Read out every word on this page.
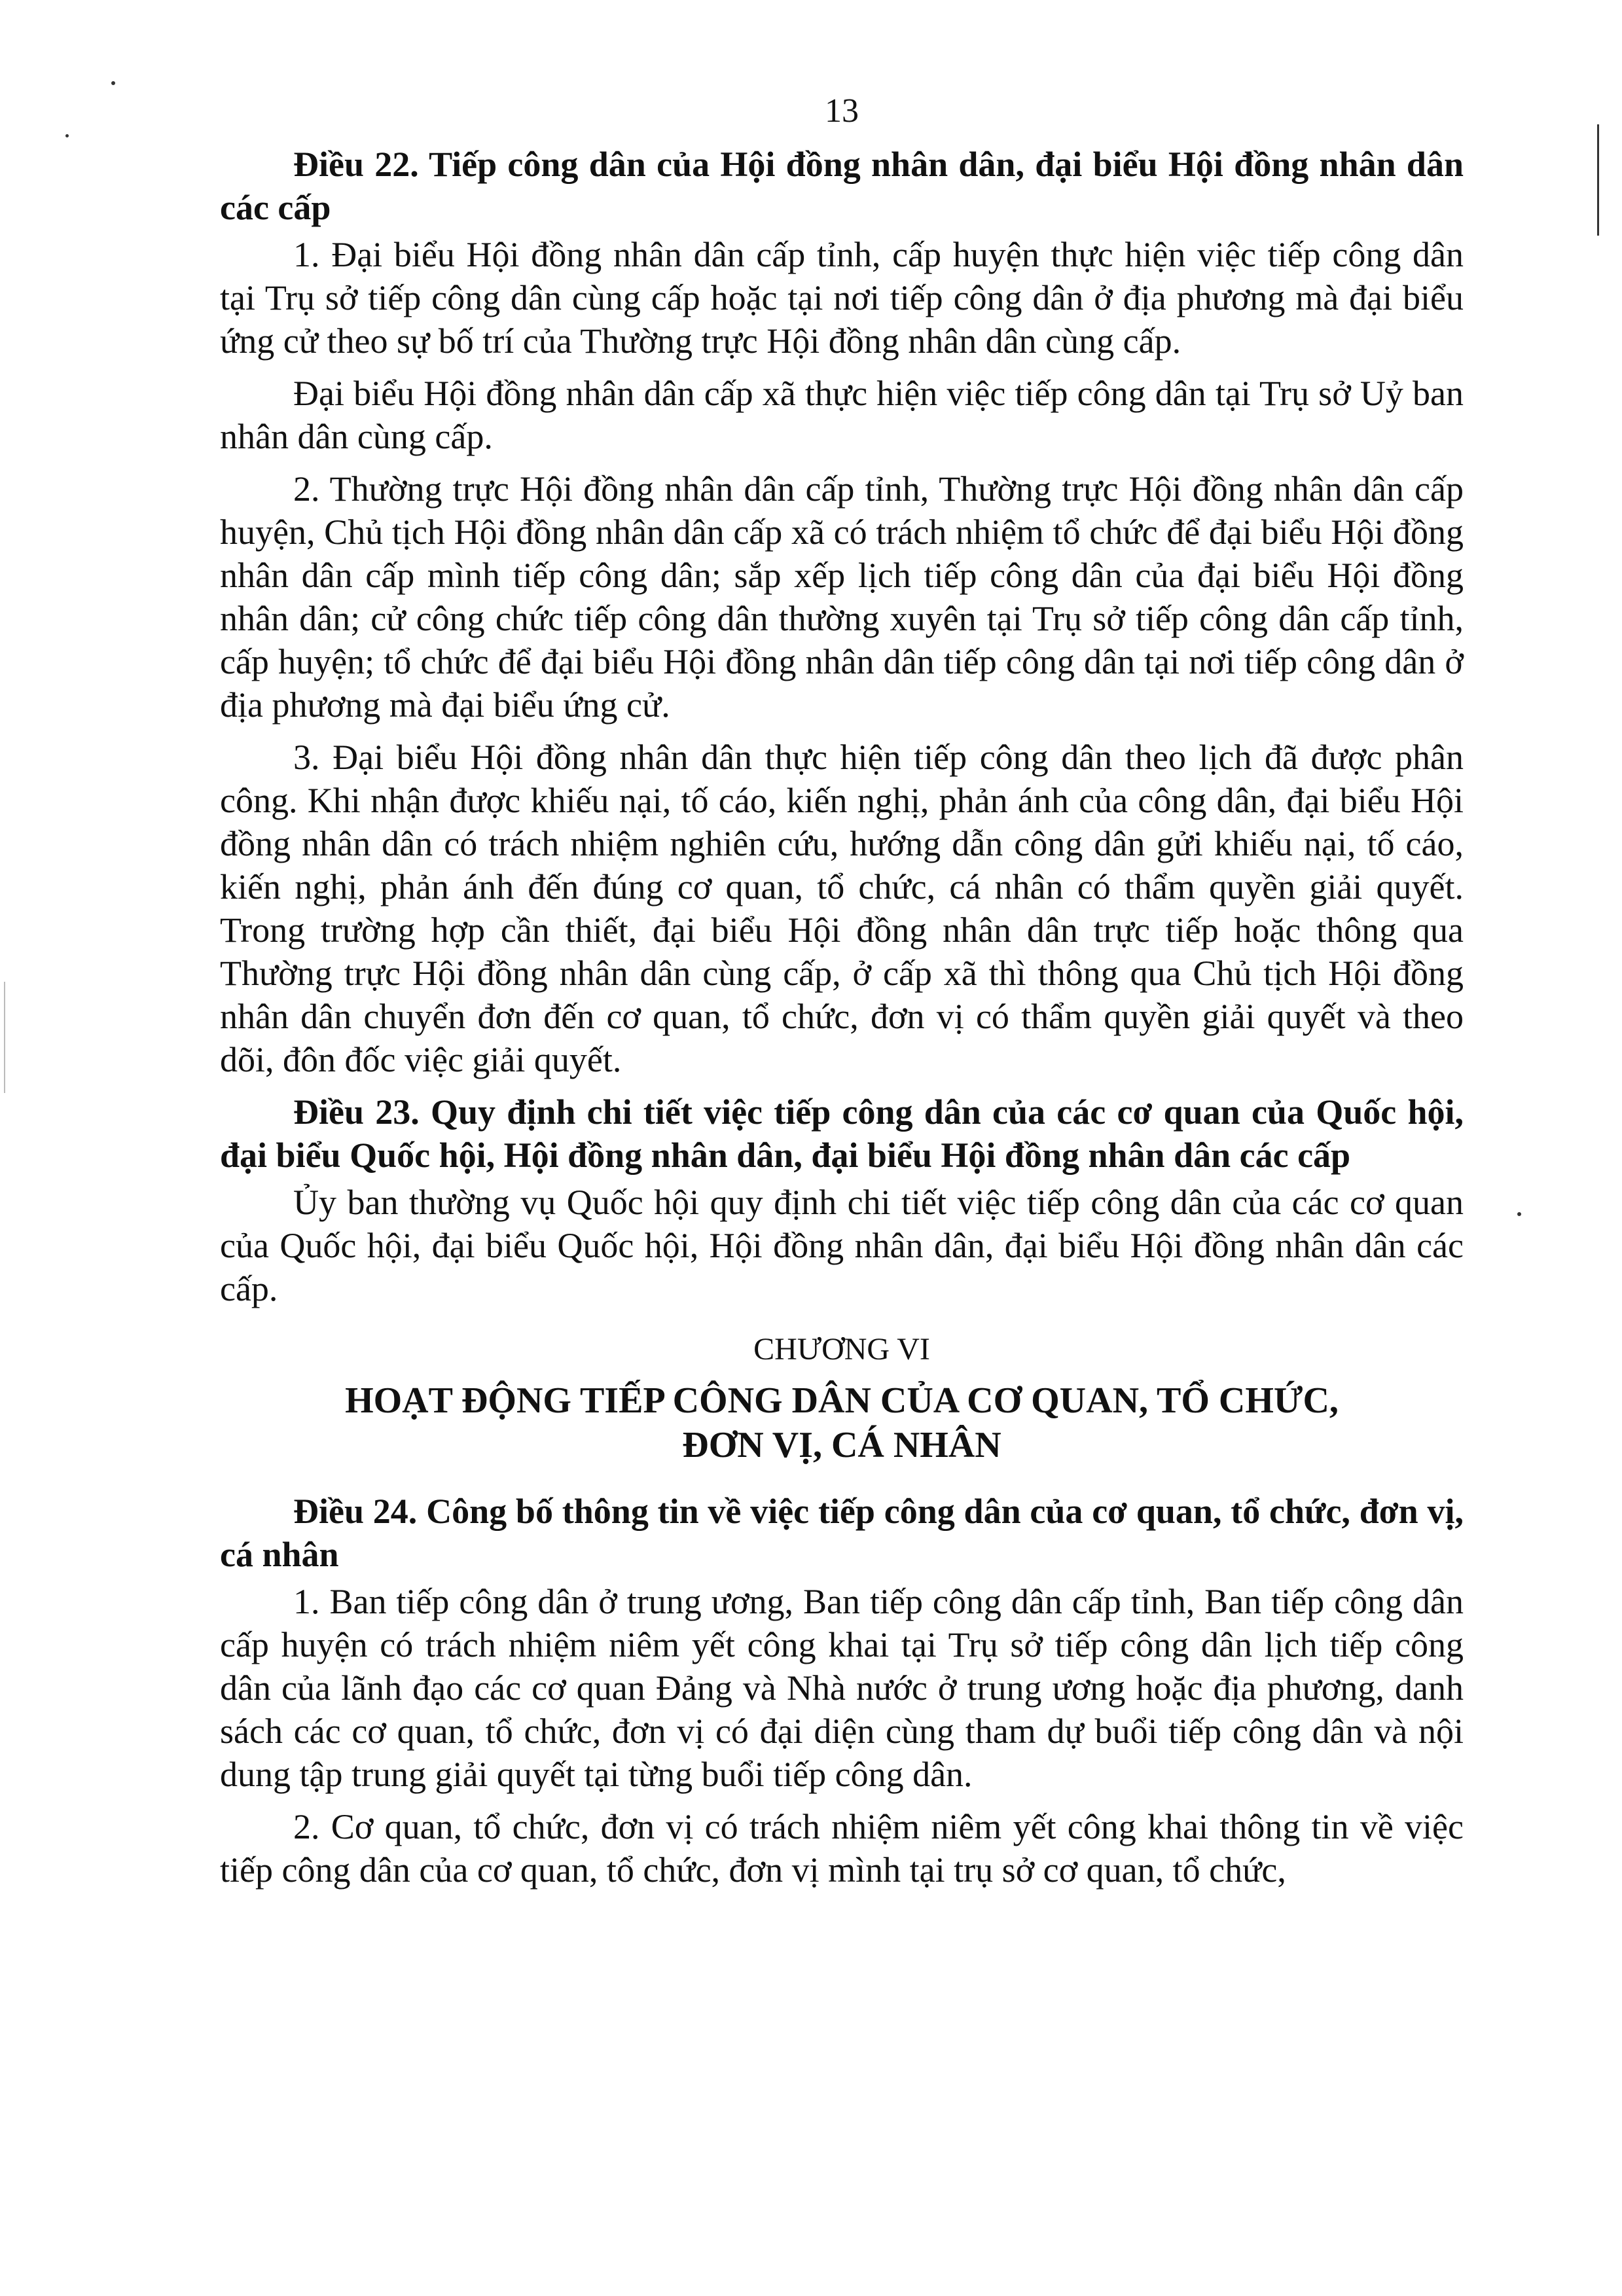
13
Điều 22. Tiếp công dân của Hội đồng nhân dân, đại biểu Hội đồng nhân dân các cấp

1. Đại biểu Hội đồng nhân dân cấp tỉnh, cấp huyện thực hiện việc tiếp công dân tại Trụ sở tiếp công dân cùng cấp hoặc tại nơi tiếp công dân ở địa phương mà đại biểu ứng cử theo sự bố trí của Thường trực Hội đồng nhân dân cùng cấp.

Đại biểu Hội đồng nhân dân cấp xã thực hiện việc tiếp công dân tại Trụ sở Uỷ ban nhân dân cùng cấp.

2. Thường trực Hội đồng nhân dân cấp tỉnh, Thường trực Hội đồng nhân dân cấp huyện, Chủ tịch Hội đồng nhân dân cấp xã có trách nhiệm tổ chức để đại biểu Hội đồng nhân dân cấp mình tiếp công dân; sắp xếp lịch tiếp công dân của đại biểu Hội đồng nhân dân; cử công chức tiếp công dân thường xuyên tại Trụ sở tiếp công dân cấp tỉnh, cấp huyện; tổ chức để đại biểu Hội đồng nhân dân tiếp công dân tại nơi tiếp công dân ở địa phương mà đại biểu ứng cử.

3. Đại biểu Hội đồng nhân dân thực hiện tiếp công dân theo lịch đã được phân công. Khi nhận được khiếu nại, tố cáo, kiến nghị, phản ánh của công dân, đại biểu Hội đồng nhân dân có trách nhiệm nghiên cứu, hướng dẫn công dân gửi khiếu nại, tố cáo, kiến nghị, phản ánh đến đúng cơ quan, tổ chức, cá nhân có thẩm quyền giải quyết. Trong trường hợp cần thiết, đại biểu Hội đồng nhân dân trực tiếp hoặc thông qua Thường trực Hội đồng nhân dân cùng cấp, ở cấp xã thì thông qua Chủ tịch Hội đồng nhân dân chuyển đơn đến cơ quan, tổ chức, đơn vị có thẩm quyền giải quyết và theo dõi, đôn đốc việc giải quyết.

Điều 23. Quy định chi tiết việc tiếp công dân của các cơ quan của Quốc hội, đại biểu Quốc hội, Hội đồng nhân dân, đại biểu Hội đồng nhân dân các cấp

Ủy ban thường vụ Quốc hội quy định chi tiết việc tiếp công dân của các cơ quan của Quốc hội, đại biểu Quốc hội, Hội đồng nhân dân, đại biểu Hội đồng nhân dân các cấp.

CHƯƠNG VI
HOẠT ĐỘNG TIẾP CÔNG DÂN CỦA CƠ QUAN, TỔ CHỨC,
ĐƠN VỊ, CÁ NHÂN
Điều 24. Công bố thông tin về việc tiếp công dân của cơ quan, tổ chức, đơn vị, cá nhân

1. Ban tiếp công dân ở trung ương, Ban tiếp công dân cấp tỉnh, Ban tiếp công dân cấp huyện có trách nhiệm niêm yết công khai tại Trụ sở tiếp công dân lịch tiếp công dân của lãnh đạo các cơ quan Đảng và Nhà nước ở trung ương hoặc địa phương, danh sách các cơ quan, tổ chức, đơn vị có đại diện cùng tham dự buổi tiếp công dân và nội dung tập trung giải quyết tại từng buổi tiếp công dân.

2. Cơ quan, tổ chức, đơn vị có trách nhiệm niêm yết công khai thông tin về việc tiếp công dân của cơ quan, tổ chức, đơn vị mình tại trụ sở cơ quan, tổ chức,
